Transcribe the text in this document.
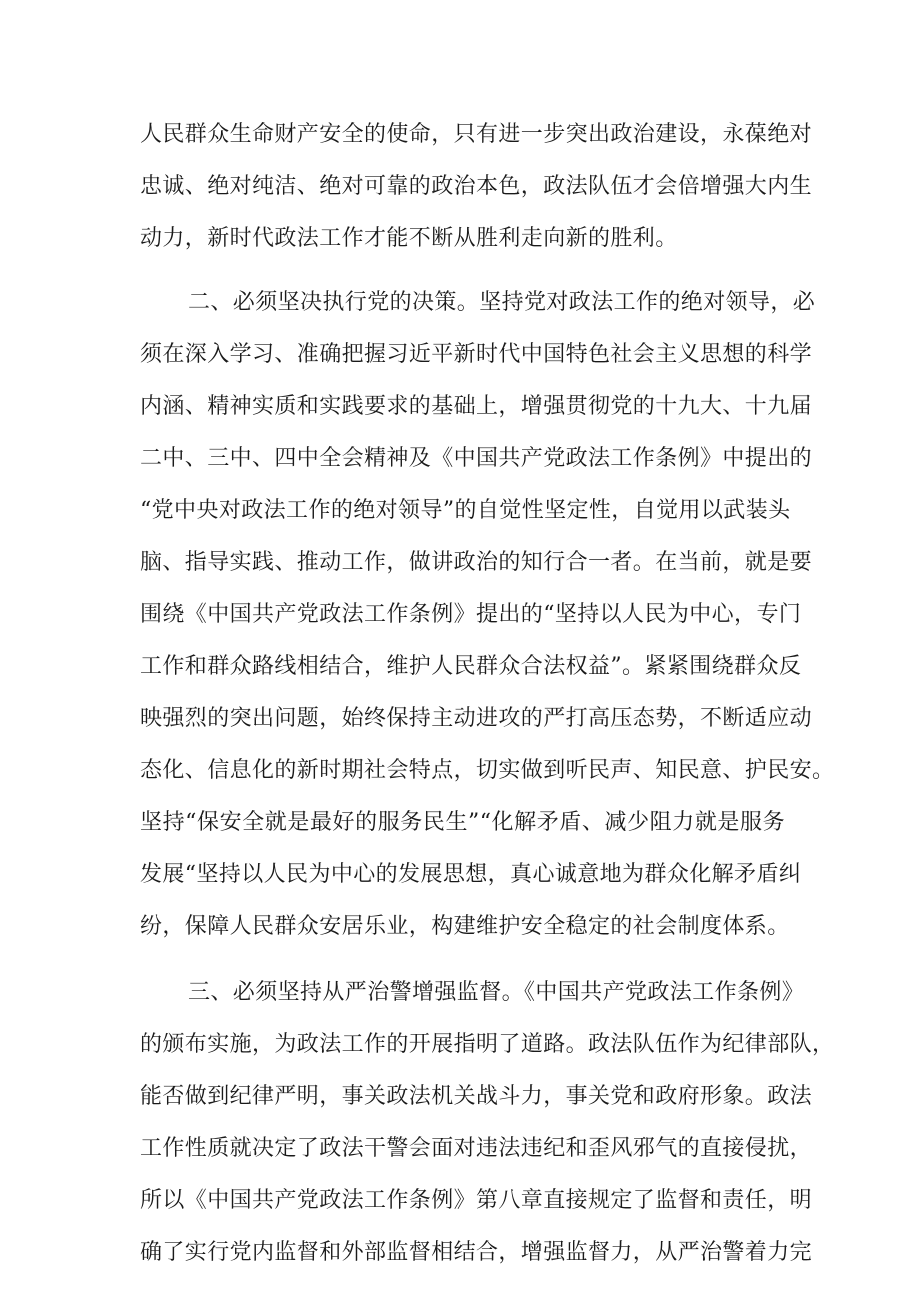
人民群众生命财产安全的使命，只有进一步突出政治建设，永葆绝对
忠诚、绝对纯洁、绝对可靠的政治本色，政法队伍才会倍增强大内生
动力，新时代政法工作才能不断从胜利走向新的胜利。
二、必须坚决执行党的决策。坚持党对政法工作的绝对领导，必
须在深入学习、准确把握习近平新时代中国特色社会主义思想的科学
内涵、精神实质和实践要求的基础上，增强贯彻党的十九大、十九届
二中、三中、四中全会精神及《中国共产党政法工作条例》中提出的
“党中央对政法工作的绝对领导”的自觉性坚定性，自觉用以武装头
脑、指导实践、推动工作，做讲政治的知行合一者。在当前，就是要
围绕《中国共产党政法工作条例》提出的“坚持以人民为中心，专门
工作和群众路线相结合，维护人民群众合法权益”。紧紧围绕群众反
映强烈的突出问题，始终保持主动进攻的严打高压态势，不断适应动
态化、信息化的新时期社会特点，切实做到听民声、知民意、护民安。
坚持“保安全就是最好的服务民生”“化解矛盾、减少阻力就是服务
发展“坚持以人民为中心的发展思想，真心诚意地为群众化解矛盾纠
纷，保障人民群众安居乐业，构建维护安全稳定的社会制度体系。
三、必须坚持从严治警增强监督。《中国共产党政法工作条例》
的颁布实施，为政法工作的开展指明了道路。政法队伍作为纪律部队，
能否做到纪律严明，事关政法机关战斗力，事关党和政府形象。政法
工作性质就决定了政法干警会面对违法违纪和歪风邪气的直接侵扰，
所以《中国共产党政法工作条例》第八章直接规定了监督和责任，明
确了实行党内监督和外部监督相结合，增强监督力，从严治警着力完
